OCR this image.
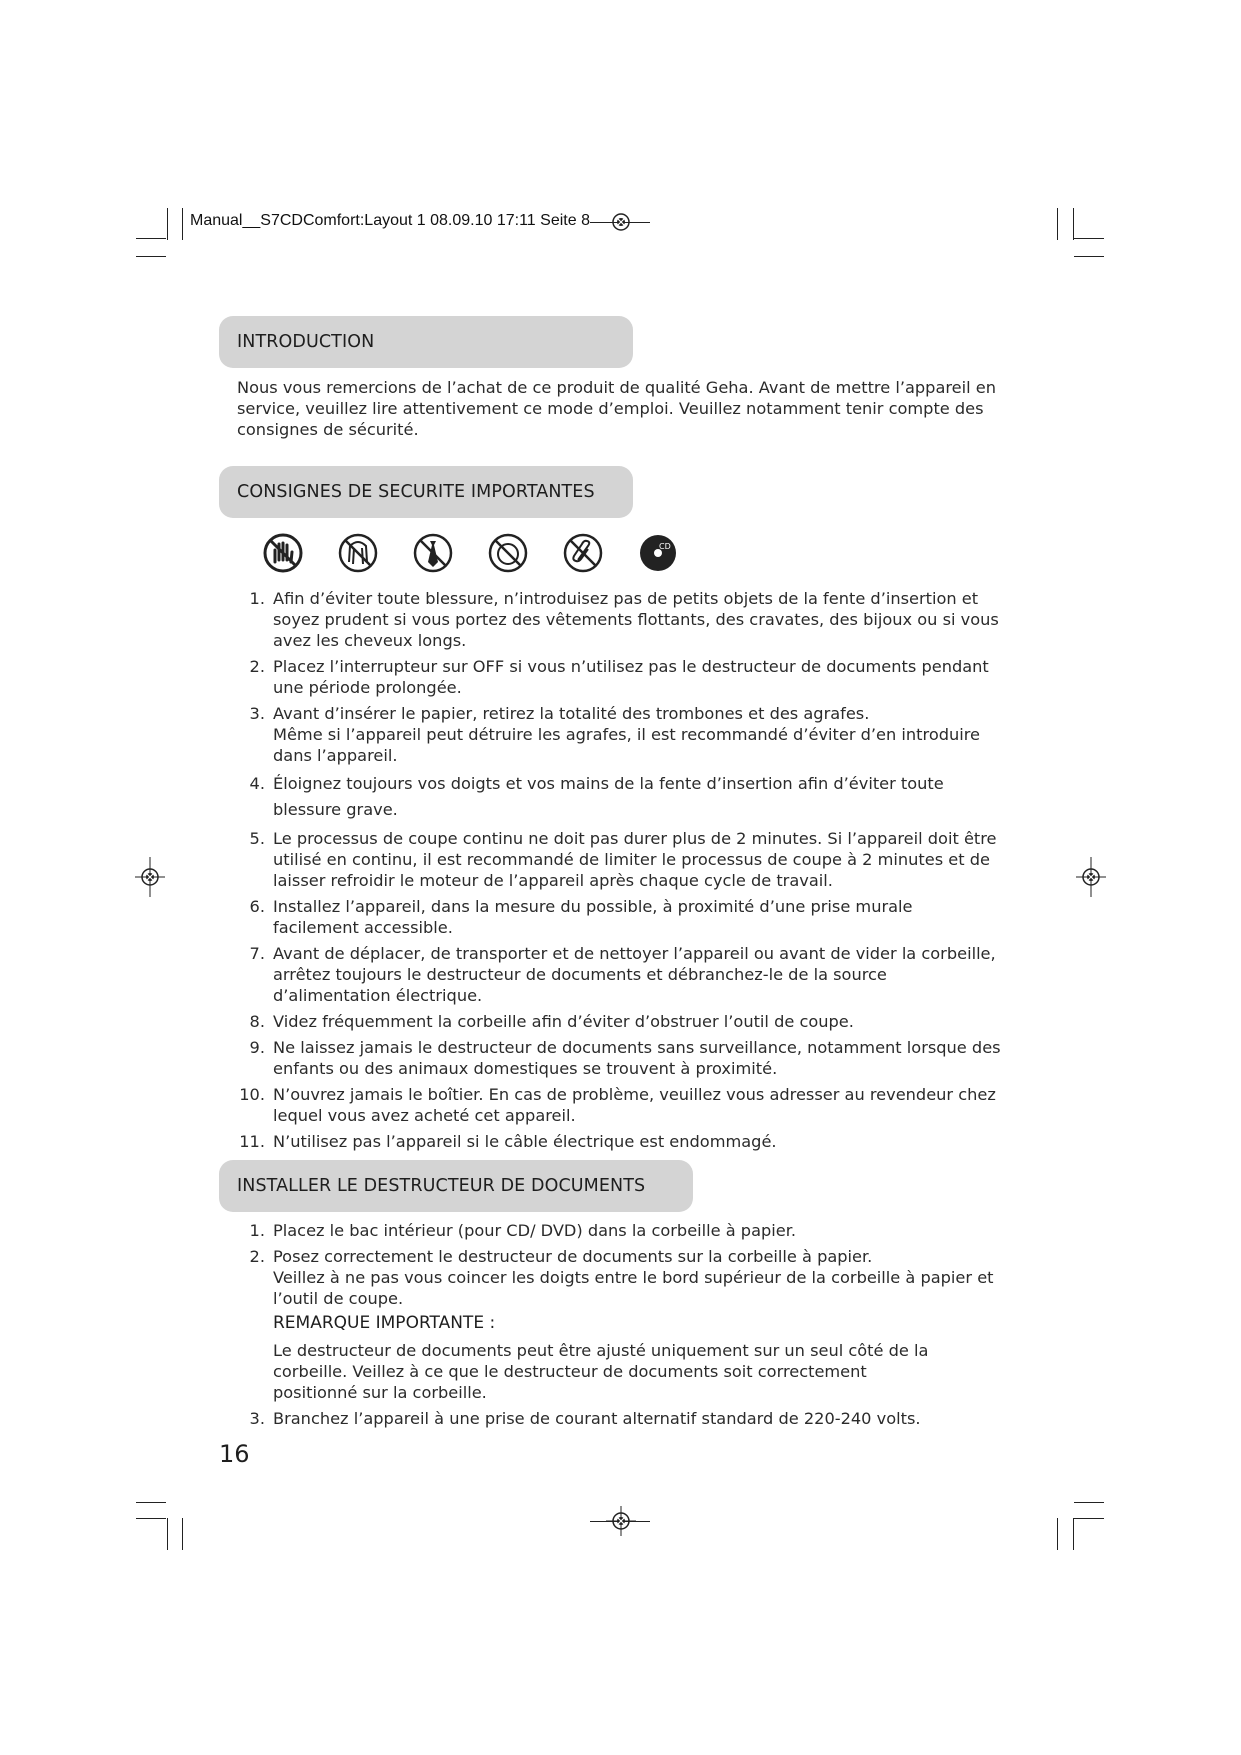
Manual__S7CDComfort:Layout 1 08.09.10 17:11 Seite 8
INTRODUCTION
Nous vous remercions de l’achat de ce produit de qualité Geha. Avant de mettre l’appareil en service, veuillez lire attentivement ce mode d’emploi. Veuillez notamment tenir compte des consignes de sécurité.
CONSIGNES DE SECURITE IMPORTANTES
CD
1. Afin d’éviter toute blessure, n’introduisez pas de petits objets de la fente d’insertion et soyez prudent si vous portez des vêtements flottants, des cravates, des bijoux ou si vous avez les cheveux longs.
2. Placez l’interrupteur sur OFF si vous n’utilisez pas le destructeur de documents pendant une période prolongée.
3. Avant d’insérer le papier, retirez la totalité des trombones et des agrafes.
Même si l’appareil peut détruire les agrafes, il est recommandé d’éviter d’en introduire dans l’appareil.
4. Éloignez toujours vos doigts et vos mains de la fente d’insertion afin d’éviter toute blessure grave.
5. Le processus de coupe continu ne doit pas durer plus de 2 minutes. Si l’appareil doit être utilisé en continu, il est recommandé de limiter le processus de coupe à 2 minutes et de laisser refroidir le moteur de l’appareil après chaque cycle de travail.
6. Installez l’appareil, dans la mesure du possible, à proximité d’une prise murale facilement accessible.
7. Avant de déplacer, de transporter et de nettoyer l’appareil ou avant de vider la corbeille, arrêtez toujours le destructeur de documents et débranchez-le de la source d’alimentation électrique.
8. Videz fréquemment la corbeille afin d’éviter d’obstruer l’outil de coupe.
9. Ne laissez jamais le destructeur de documents sans surveillance, notamment lorsque des enfants ou des animaux domestiques se trouvent à proximité.
10. N’ouvrez jamais le boîtier. En cas de problème, veuillez vous adresser au revendeur chez lequel vous avez acheté cet appareil.
11. N’utilisez pas l’appareil si le câble électrique est endommagé.
INSTALLER LE DESTRUCTEUR DE DOCUMENTS
1. Placez le bac intérieur (pour CD/ DVD) dans la corbeille à papier.
2. Posez correctement le destructeur de documents sur la corbeille à papier.
Veillez à ne pas vous coincer les doigts entre le bord supérieur de la corbeille à papier et l’outil de coupe.
REMARQUE IMPORTANTE :
Le destructeur de documents peut être ajusté uniquement sur un seul côté de la corbeille. Veillez à ce que le destructeur de documents soit correctement positionné sur la corbeille.
3. Branchez l’appareil à une prise de courant alternatif standard de 220-240 volts.
16
